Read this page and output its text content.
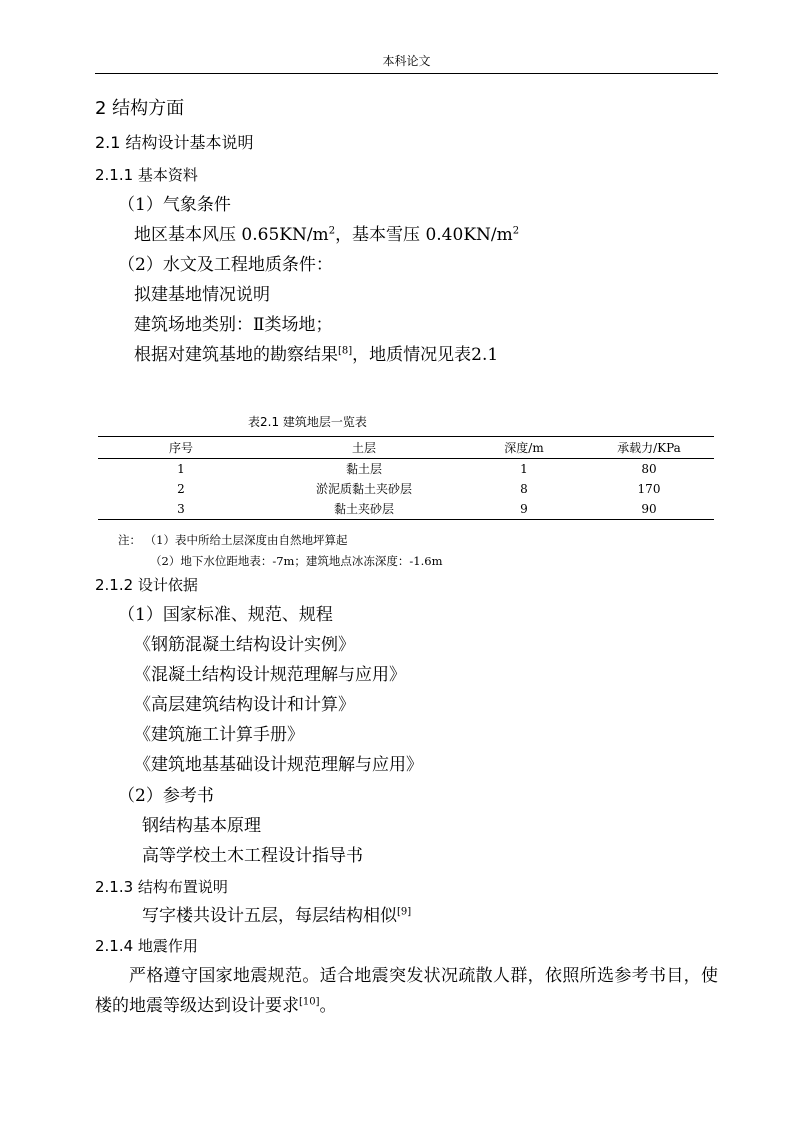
本科论文
2 结构方面
2.1 结构设计基本说明
2.1.1 基本资料
（1）气象条件
地区基本风压 $0.65KN/m^2$，基本雪压 $0.40KN/m^2$
（2）水文及工程地质条件：
拟建基地情况说明
建筑场地类别：Ⅱ类场地；
根据对建筑基地的勘察结果[8]，地质情况见表2.1
表2.1 建筑地层一览表
序号	土层	深度/m	承载力/KPa
1	黏土层	1	80
2	淤泥质黏土夹砂层	8	170
3	黏土夹砂层	9	90
注： （1）表中所给土层深度由自然地坪算起
（2）地下水位距地表：-7m；建筑地点冰冻深度：-1.6m
2.1.2 设计依据
（1）国家标准、规范、规程
《钢筋混凝土结构设计实例》
《混凝土结构设计规范理解与应用》
《高层建筑结构设计和计算》
《建筑施工计算手册》
《建筑地基基础设计规范理解与应用》
（2）参考书
钢结构基本原理
高等学校土木工程设计指导书
2.1.3 结构布置说明
写字楼共设计五层，每层结构相似[9]
2.1.4 地震作用
严格遵守国家地震规范。适合地震突发状况疏散人群，依照所选参考书目，使楼的地震等级达到设计要求[10]。
